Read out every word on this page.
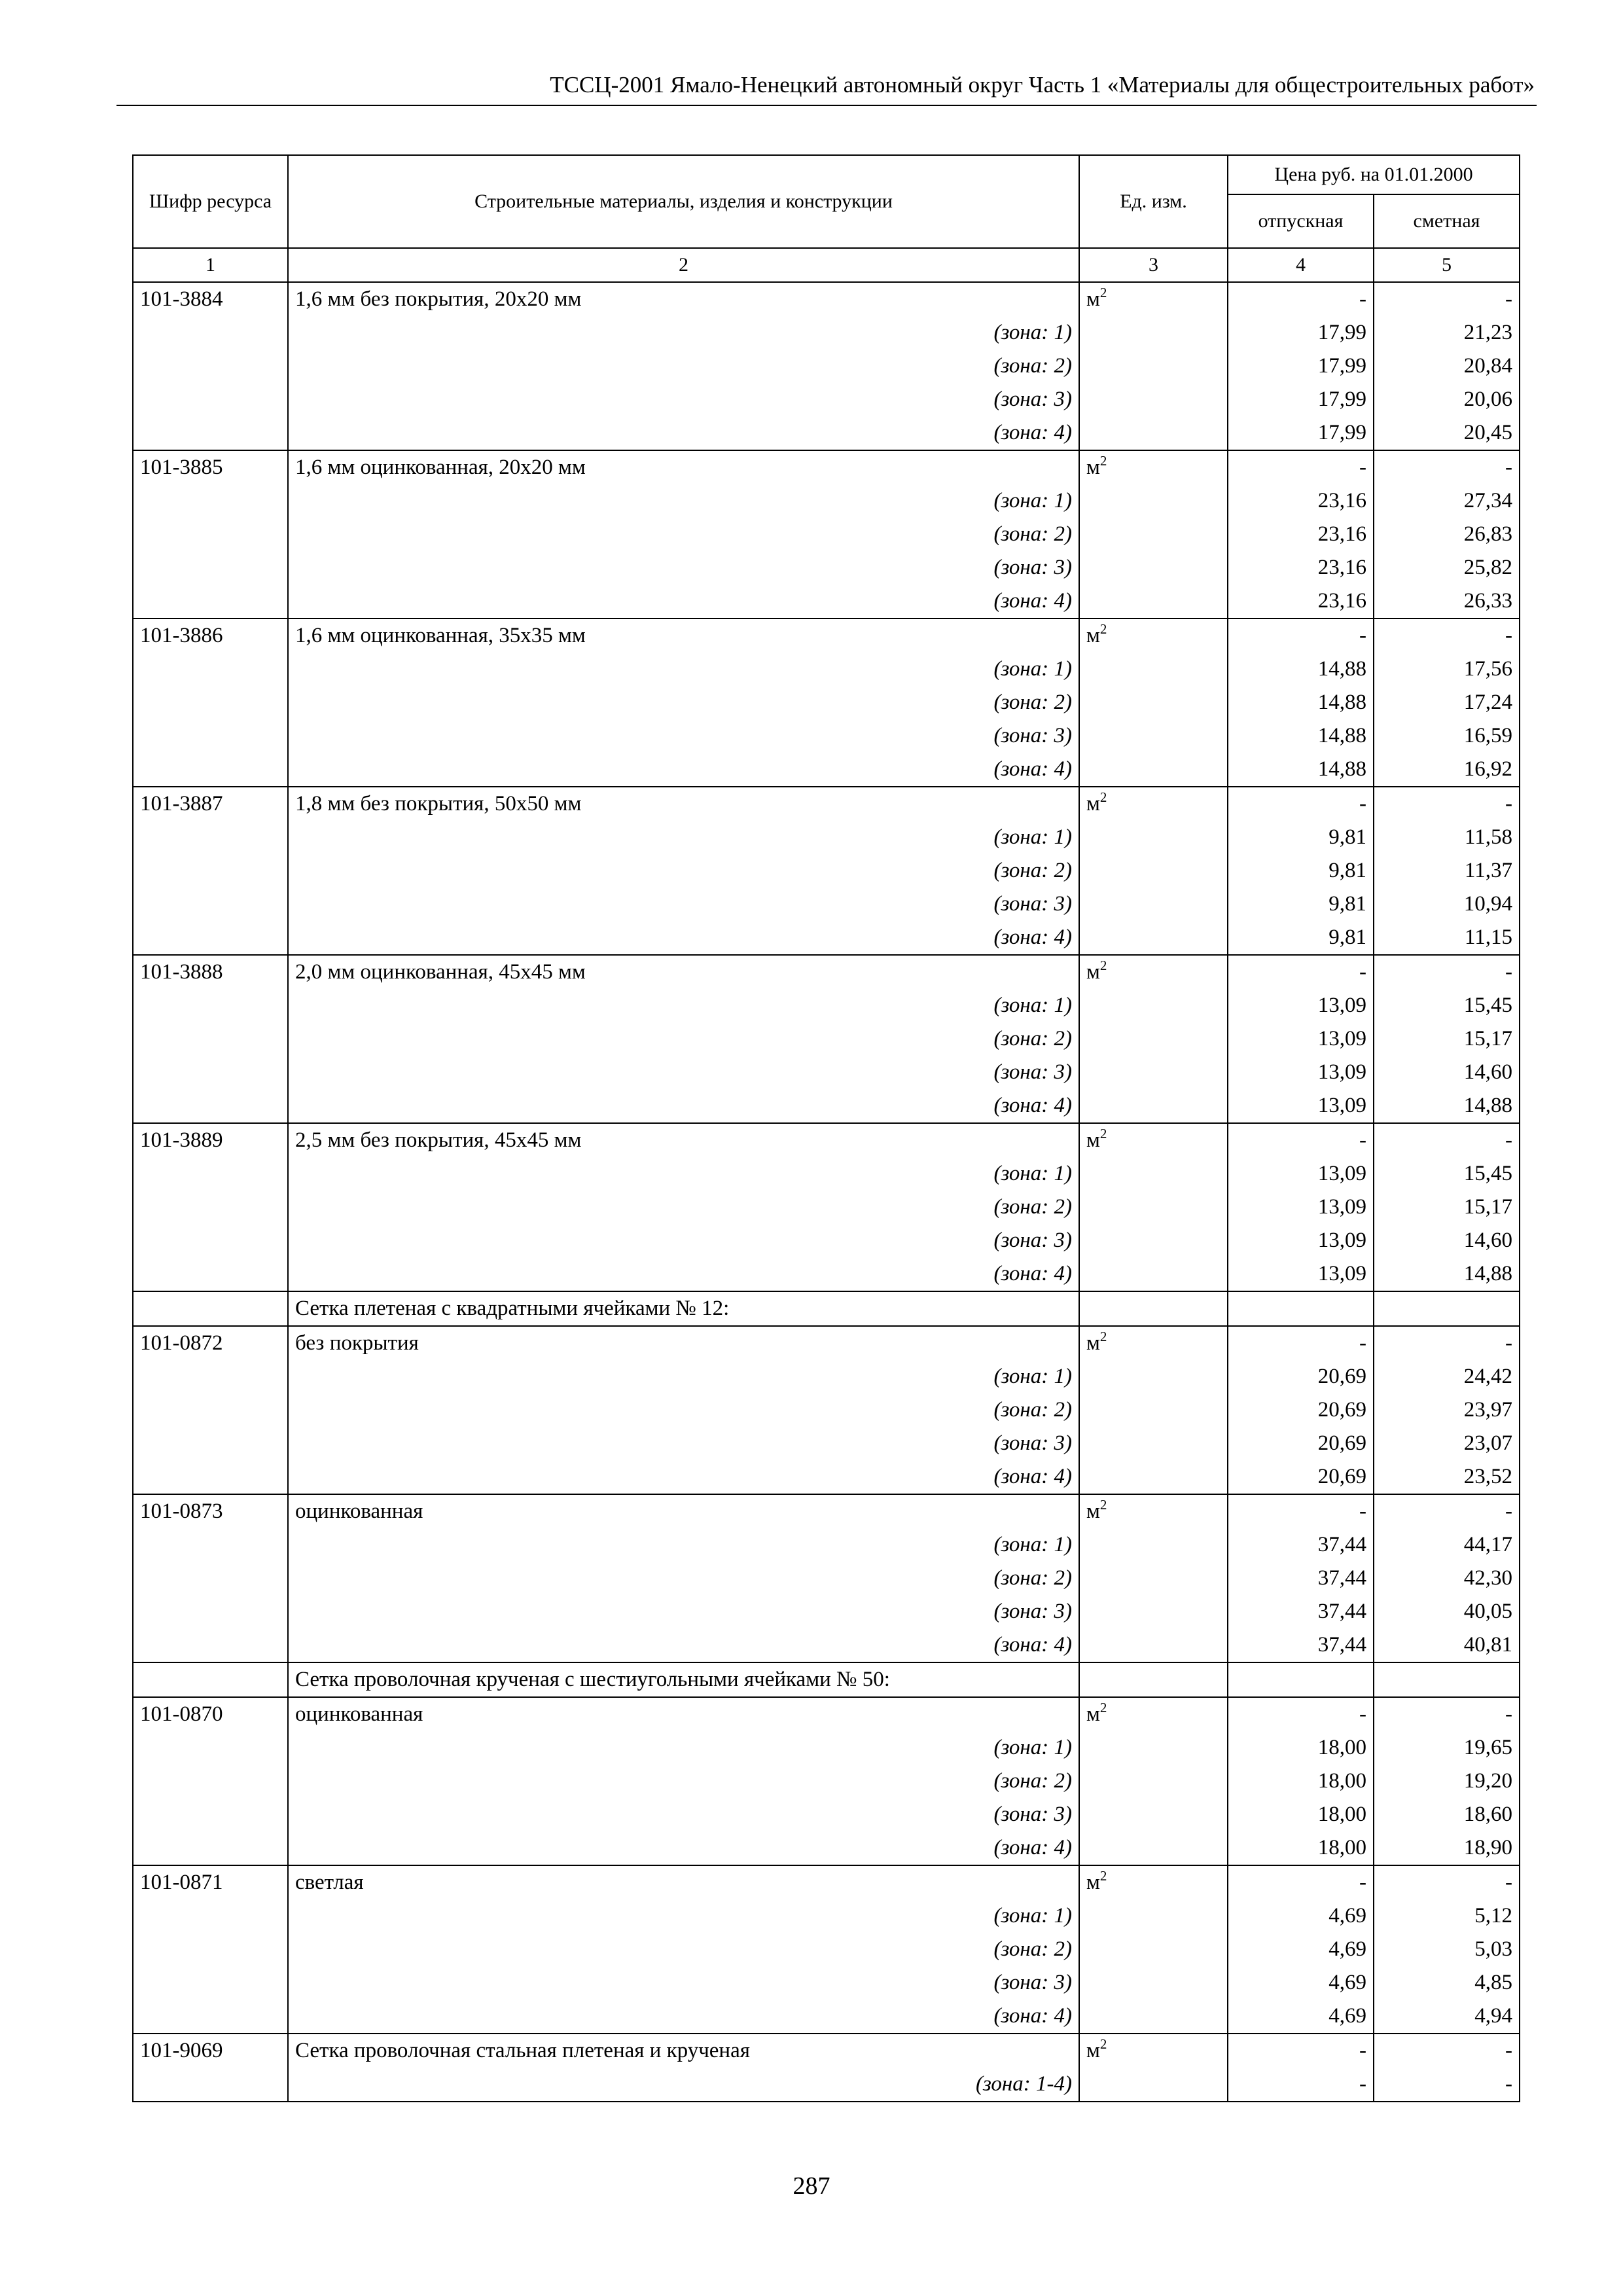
ТССЦ-2001 Ямало-Ненецкий автономный округ Часть 1 «Материалы для общестроительных работ»
Шифр ресурса	Строительные материалы, изделия и конструкции	Ед. изм.	Цена руб. на 01.01.2000	
			отпускная	сметная
1	2	3	4	5
101-3884	1,6 мм без покрытия, 20х20 мм	$м^2$	-	-
	(зона: 1)		17,99	21,23
	(зона: 2)		17,99	20,84
	(зона: 3)		17,99	20,06
	(зона: 4)		17,99	20,45
101-3885	1,6 мм оцинкованная, 20х20 мм	$м^2$	-	-
	(зона: 1)		23,16	27,34
	(зона: 2)		23,16	26,83
	(зона: 3)		23,16	25,82
	(зона: 4)		23,16	26,33
101-3886	1,6 мм оцинкованная, 35х35 мм	$м^2$	-	-
	(зона: 1)		14,88	17,56
	(зона: 2)		14,88	17,24
	(зона: 3)		14,88	16,59
	(зона: 4)		14,88	16,92
101-3887	1,8 мм без покрытия, 50х50 мм	$м^2$	-	-
	(зона: 1)		9,81	11,58
	(зона: 2)		9,81	11,37
	(зона: 3)		9,81	10,94
	(зона: 4)		9,81	11,15
101-3888	2,0 мм оцинкованная, 45х45 мм	$м^2$	-	-
	(зона: 1)		13,09	15,45
	(зона: 2)		13,09	15,17
	(зона: 3)		13,09	14,60
	(зона: 4)		13,09	14,88
101-3889	2,5 мм без покрытия, 45х45 мм	$м^2$	-	-
	(зона: 1)		13,09	15,45
	(зона: 2)		13,09	15,17
	(зона: 3)		13,09	14,60
	(зона: 4)		13,09	14,88
	Сетка плетеная с квадратными ячейками № 12:			
101-0872	без покрытия	$м^2$	-	-
	(зона: 1)		20,69	24,42
	(зона: 2)		20,69	23,97
	(зона: 3)		20,69	23,07
	(зона: 4)		20,69	23,52
101-0873	оцинкованная	$м^2$	-	-
	(зона: 1)		37,44	44,17
	(зона: 2)		37,44	42,30
	(зона: 3)		37,44	40,05
	(зона: 4)		37,44	40,81
	Сетка проволочная крученая с шестиугольными ячейками № 50:			
101-0870	оцинкованная	$м^2$	-	-
	(зона: 1)		18,00	19,65
	(зона: 2)		18,00	19,20
	(зона: 3)		18,00	18,60
	(зона: 4)		18,00	18,90
101-0871	светлая	$м^2$	-	-
	(зона: 1)		4,69	5,12
	(зона: 2)		4,69	5,03
	(зона: 3)		4,69	4,85
	(зона: 4)		4,69	4,94
101-9069	Сетка проволочная стальная плетеная и крученая	$м^2$	-	-
	(зона: 1-4)		-	-
287
